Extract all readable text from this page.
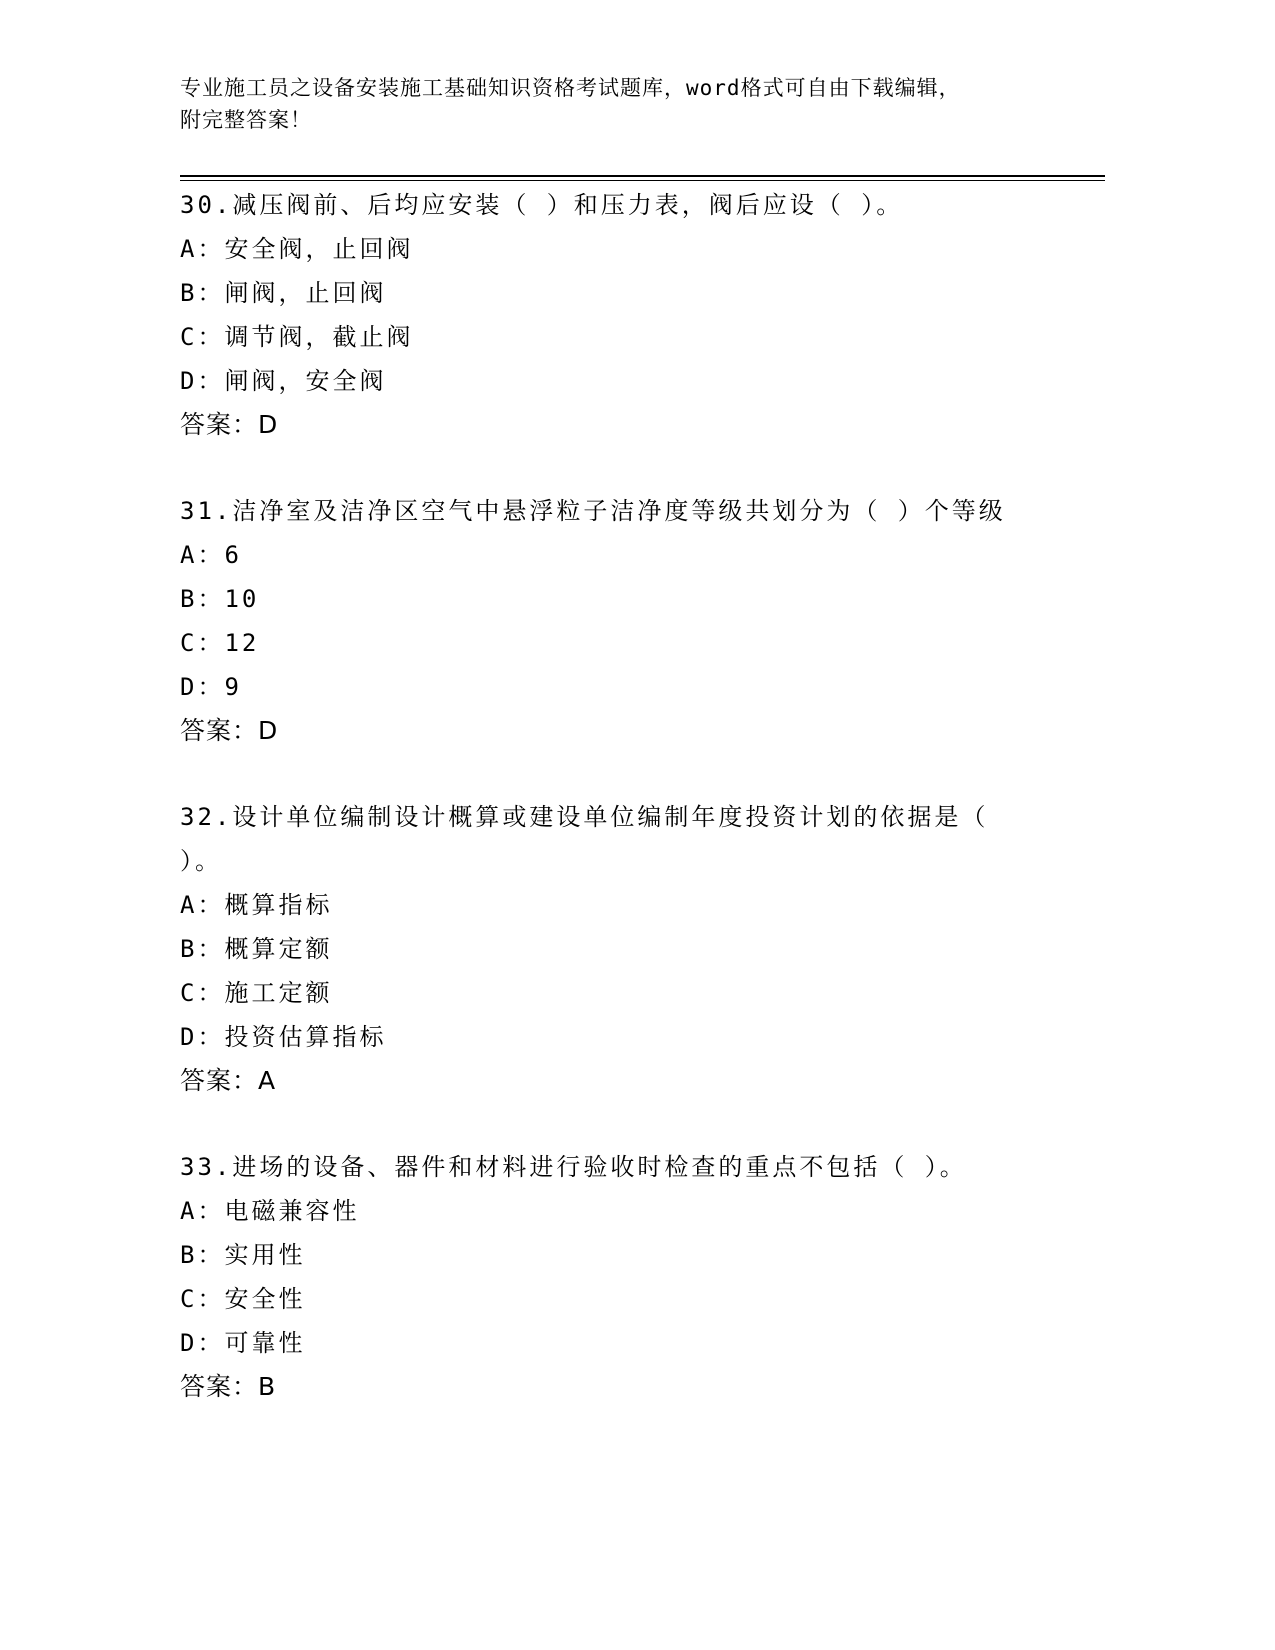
专业施工员之设备安装施工基础知识资格考试题库，word格式可自由下载编辑，
附完整答案！

30.减压阀前、后均应安装（ ）和压力表，阀后应设（ ）。

A：安全阀，止回阀

B：闸阀，止回阀

C：调节阀，截止阀

D：闸阀，安全阀

答案：D

31.洁净室及洁净区空气中悬浮粒子洁净度等级共划分为（ ）个等级

A：6

B：10

C：12

D：9

答案：D

32.设计单位编制设计概算或建设单位编制年度投资计划的依据是（

）。

A：概算指标

B：概算定额

C：施工定额

D：投资估算指标

答案：A

33.进场的设备、器件和材料进行验收时检查的重点不包括（ ）。

A：电磁兼容性

B：实用性

C：安全性

D：可靠性

答案：B
